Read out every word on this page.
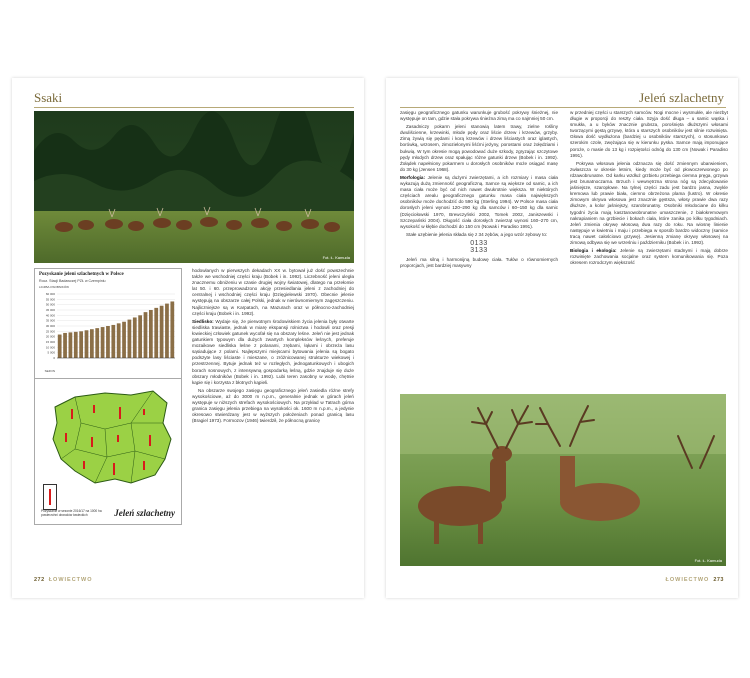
Ssaki
Fot. Ł. Kamuda
Pozyskanie jeleni szlachetnych w Polsce
Rocz. Stacji Badawczej PZŁ w Czempiniu
LICZBA OSOBNIKÓW
60 000
55 000
50 000
45 000
40 000
35 000
30 000
25 000
20 000
15 000
10 000
5 000
0
SEZON
Pozyskanie w sezonie 2016/17 na 1000 ha powierzchni obwodów łowieckich	Jeleń szlachetny

hodowlanych w pierwszych dekadach XX w. bytował już dość powszechnie także we wschodniej części kraju (Bobek i in. 1992). Liczebność jeleni uległa znacznemu obniżeniu w czasie drugiej wojny światowej, dlatego na przełomie lat 50. i 60. przeprowadzono akcję przesiedlania jeleni z zachodniej do centralnej i wschodniej części kraju (Dzięgielewski 1970). Obecnie jelenie występują na obszarze całej Polski, jednak w nierównomiernym zagęszczeniu. Najliczniejsze są w Karpatach, na Mazurach oraz w północno-zachodniej części kraju (Bobek i in. 1992).

Siedlisko: Wydaje się, że pierwotnym środowiskiem życia jelenia były otwarte siedliska trawiaste, jednak w miarę ekspansji rolnictwa i hodowli oraz presji łowieckiej człowiek gatunek wycofał się na obszary leśne. Jeleń nie jest jednak gatunkiem typowym dla dużych zwartych kompleksów leśnych, preferuje mozaikowe siedliska leśne z polanami, zrębami, łąkami i obrzeża lasu sąsiadujące z polami. Najlepszymi miejscami bytowania jelenia są bogato podszyte lasy liściaste i mieszane, o zróżnicowanej strukturze wiekowej i przestrzennej. Bytuje jednak też w rozległych, jednogatunkowych i ubogich borach sosnowych, z intensywną gospodarką leśną, gdzie znajduje się duże obszary młodników (Bobek i in. 1992). Lubi teren zasobny w wodę, chętnie kąpie się i korzysta z błotnych kąpieli.

Na obszarze swojego zasięgu geograficznego jeleń zasiedla różne strefy wysokościowe, aż do 3000 m n.p.m., generalnie jednak w górach jeleń występuje w niższych strefach wysokościowych. Na przykład w Tatrach górna granica zasięgu jelenia przebiega na wysokości ok. 1600 m n.p.m., a jedynie okresowo stwierdzany jest w wyższych położeniach ponad granicą lasu (Bragiel 1973). Formozov (1946) twierdził, że północną granicę

272 ŁOWIECTWO
Jeleń szlachetny

zasięgu geograficznego gatunku warunkuje grubość pokrywy śnieżnej, nie występuje on tam, gdzie stała pokrywa śnieżna zimą ma co najmniej 50 cm.

Zasadniczy pokarm jeleni stanowią latem trawy, zielne rośliny dwuliścienne, krzewinki, młode pędy oraz liście drzew i krzewów, grzyby. Zimą żywią się pędami i korą krzewów i drzew liściastych oraz iglastych, borówką, wrzosem, zimozielonymi liśćmi jeżyny, porostami oraz żołędziami i bukwią. W tym okresie mogą powodować duże szkody, zgryzając szczytowe pędy młodych drzew oraz spałując różne gatunki drzew (Bobek i in. 1992). Żołądek napełniony pokarmem u dorosłych osobników może osiągać masę do 30 kg (Jensen 1968).

Morfologia: Jelenie są dużymi zwierzętami, a ich rozmiary i masa ciała wykazują dużą zmienność geograficzną. Samce są większe od samic, a ich masa ciała może być od nich nawet dwukrotnie większa. W niektórych częściach arealu geograficznego gatunku masa ciała największych osobników może dochodzić do 590 kg (Sterling 1994). W Polsce masa ciała dorosłych jeleni wynosi 120–290 kg dla samców i 60–150 kg dla samic (Dzięciołowski 1970, Brewczyński 2002, Tomek 2002, Janiszewski i Szczepański 2004). Długość ciała dorosłych zwierząt wynosi 160–270 cm, wysokość w kłębie dochodzi do 150 cm (Nowak i Paradiso 1991).

Stałe uzębienie jelenia składa się z 34 zębów, a jego wzór zębowy to:

0133
3133

Jeleń ma silną i harmonijną budowę ciała. Tułów o równomiernych proporcjach, jest bardziej masywny

w przedniej części u starszych samców. Nogi mocne i wysmukłe, ale niezbyt długie w proporcji do reszty ciała. Szyja dość długa – u samic wąska i smukła, a u byków znacznie grubsza, porośnięta dłuższymi włosami tworzącymi gęstą grzywę, która u starszych osobników jest silnie rozwinięta. Głowa dość wydłużona (bardziej u osobników starszych), o stosunkowo szerokim czole, zwężająca się w kierunku pyska. Samce mają imponujące poroże, o masie do 13 kg i rozpiętości odnóg do 130 cm (Nowak i Paradiso 1991).

Pokrywa włosowa jelenia odznacza się dość zmiennym ubarwieniem, zwłaszcza w okresie letnim, kiedy może być od płowoczerwonego po rdzawobrunatne. Od karku wzdłuż grzbietu przebiega ciemna pręga, grzywa jest brunatnoczarna. Brzuch i wewnętrzna strona nóg są zdecydowanie jaśniejsze, szaropłowe. Na tylnej części zadu jest bardzo jasna, zwykle kremowa lub prawie biała, ciemno obrzeżona plama (lustro). W okresie zimowym okrywa włosowa jest znacznie gęstsza, włosy prawie dwa razy dłuższe, a kolor jaśniejszy, szarobrunatny. Osobniki młodociane do kilku tygodni życia mają kasztanowobrunatne umaszczenie, z białokremowym nakrapianiem na grzbiecie i bokach ciała, które zanika po kilku tygodniach. Jeleń zmienia okrywę włosową dwa razy do roku. Na wiosnę linienie następuje w kwietniu i maju i przebiega w sposób bardzo widoczny (samice tracą nawet całościowo grzywę). Jesienną zmianę okrywy włosowej na zimową odbywa się we wrześniu i październiku (Bobek i in. 1992).

Biologia i ekologia: Jelenie są zwierzętami stadnymi i mają dobrze rozwinięte zachowania socjalne oraz system komunikowania się. Poza okresem rozrodczym większość

Fot. Ł. Kamuda
ŁOWIECTWO 273
